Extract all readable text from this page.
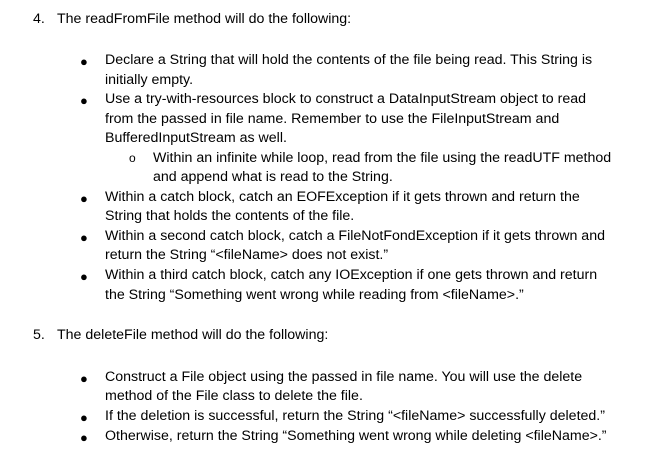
4. The readFromFile method will do the following:
● Declare a String that will hold the contents of the file being read. This String is
initially empty.
● Use a try-with-resources block to construct a DataInputStream object to read
from the passed in file name. Remember to use the FileInputStream and
BufferedInputStream as well.
o Within an infinite while loop, read from the file using the readUTF method
and append what is read to the String.
● Within a catch block, catch an EOFException if it gets thrown and return the
String that holds the contents of the file.
● Within a second catch block, catch a FileNotFondException if it gets thrown and
return the String “<fileName> does not exist.”
● Within a third catch block, catch any IOException if one gets thrown and return
the String “Something went wrong while reading from <fileName>.”
5. The deleteFile method will do the following:
● Construct a File object using the passed in file name. You will use the delete
method of the File class to delete the file.
● If the deletion is successful, return the String “<fileName> successfully deleted.”
● Otherwise, return the String “Something went wrong while deleting <fileName>.”
